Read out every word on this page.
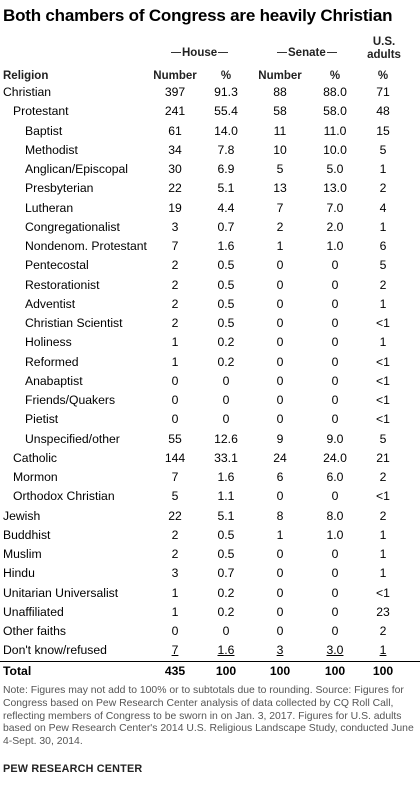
Both chambers of Congress are heavily Christian
House	Senate
U.S.
adults
Religion	Number	%	Number	%	%
Christian	397	91.3	88	88.0	71
Protestant	241	55.4	58	58.0	48
Baptist	61	14.0	11	11.0	15
Methodist	34	7.8	10	10.0	5
Anglican/Episcopal	30	6.9	5	5.0	1
Presbyterian	22	5.1	13	13.0	2
Lutheran	19	4.4	7	7.0	4
Congregationalist	3	0.7	2	2.0	1
Nondenom. Protestant	7	1.6	1	1.0	6
Pentecostal	2	0.5	0	0	5
Restorationist	2	0.5	0	0	2
Adventist	2	0.5	0	0	1
Christian Scientist	2	0.5	0	0	<1
Holiness	1	0.2	0	0	1
Reformed	1	0.2	0	0	<1
Anabaptist	0	0	0	0	<1
Friends/Quakers	0	0	0	0	<1
Pietist	0	0	0	0	<1
Unspecified/other	55	12.6	9	9.0	5
Catholic	144	33.1	24	24.0	21
Mormon	7	1.6	6	6.0	2
Orthodox Christian	5	1.1	0	0	<1
Jewish	22	5.1	8	8.0	2
Buddhist	2	0.5	1	1.0	1
Muslim	2	0.5	0	0	1
Hindu	3	0.7	0	0	1
Unitarian Universalist	1	0.2	0	0	<1
Unaffiliated	1	0.2	0	0	23
Other faiths	0	0	0	0	2
Don't know/refused	7	1.6	3	3.0	1
Total	435	100	100	100	100
Note: Figures may not add to 100% or to subtotals due to rounding. Source: Figures for Congress based on Pew Research Center analysis of data collected by CQ Roll Call, reflecting members of Congress to be sworn in on Jan. 3, 2017. Figures for U.S. adults based on Pew Research Center's 2014 U.S. Religious Landscape Study, conducted June 4-Sept. 30, 2014.
PEW RESEARCH CENTER
